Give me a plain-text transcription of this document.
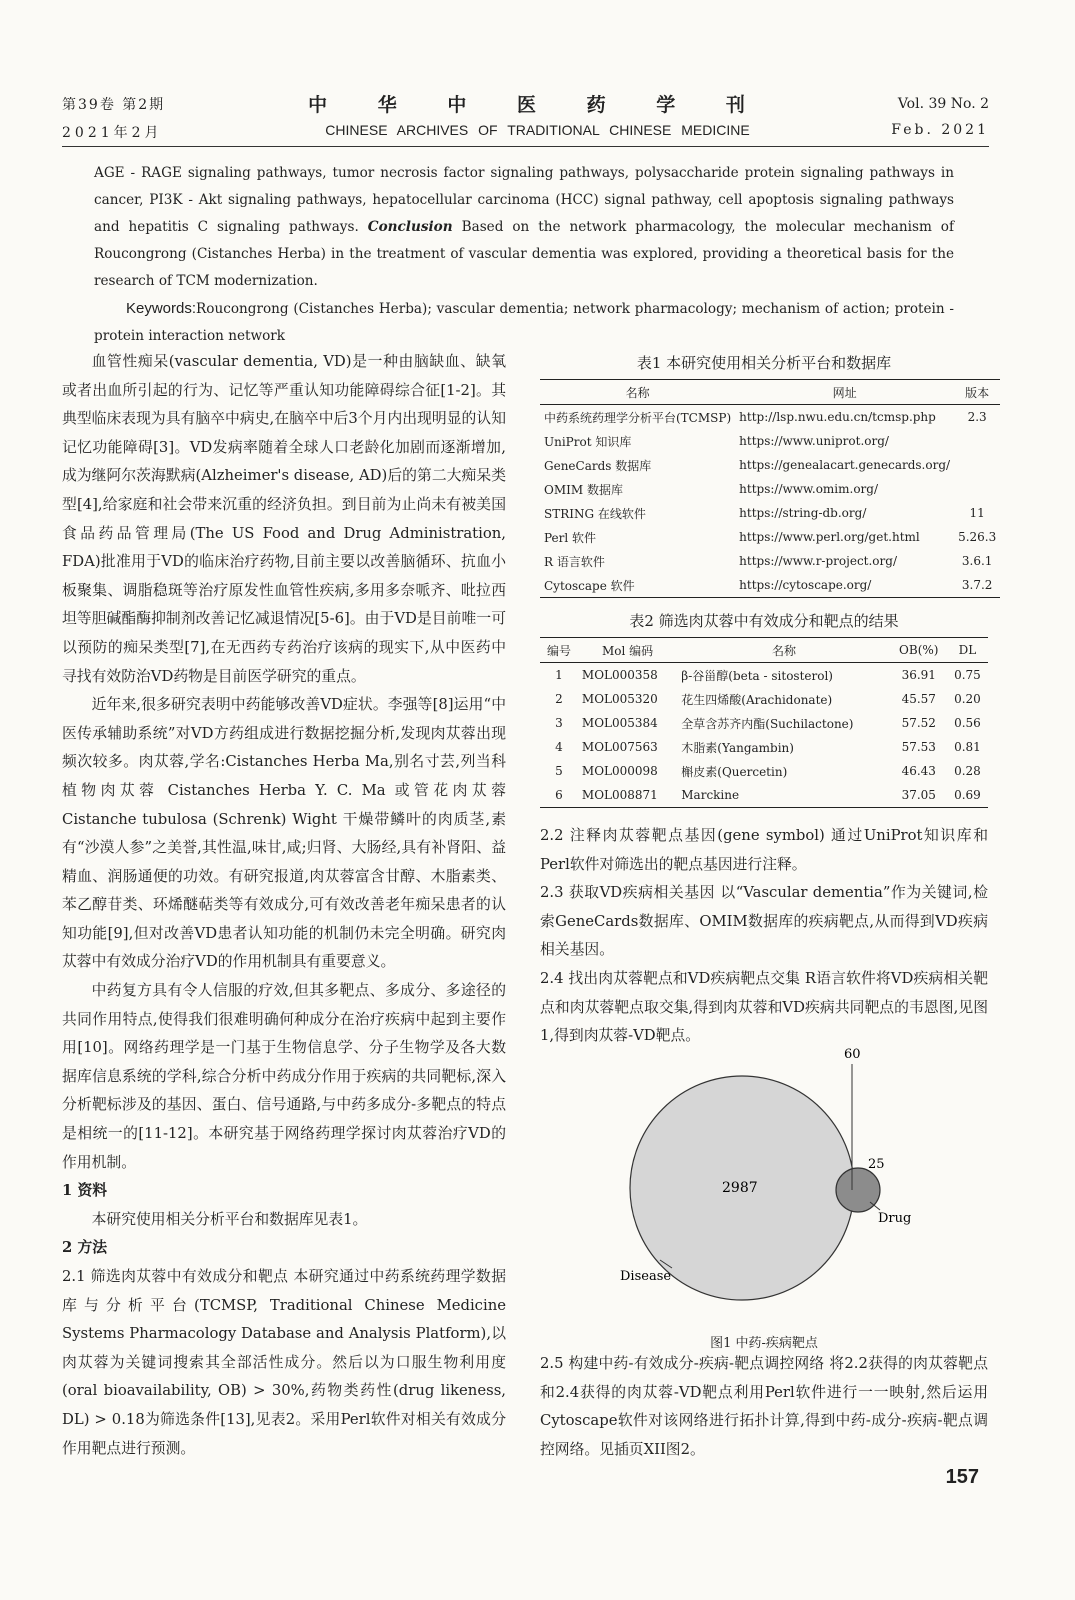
第39卷 第2期
2021年2月
中 华 中 医 药 学 刊
CHINESE ARCHIVES OF TRADITIONAL CHINESE MEDICINE
Vol. 39 No. 2
Feb. 2021

AGE - RAGE signaling pathways, tumor necrosis factor signaling pathways, polysaccharide protein signaling pathways in cancer, PI3K - Akt signaling pathways, hepatocellular carcinoma (HCC) signal pathway, cell apoptosis signaling pathways and hepatitis C signaling pathways. Conclusion Based on the network pharmacology, the molecular mechanism of Roucongrong (Cistanches Herba) in the treatment of vascular dementia was explored, providing a theoretical basis for the research of TCM modernization.

Keywords:Roucongrong (Cistanches Herba); vascular dementia; network pharmacology; mechanism of action; protein - protein interaction network

血管性痴呆(vascular dementia, VD)是一种由脑缺血、缺氧或者出血所引起的行为、记忆等严重认知功能障碍综合征[1-2]。其典型临床表现为具有脑卒中病史,在脑卒中后3个月内出现明显的认知记忆功能障碍[3]。VD发病率随着全球人口老龄化加剧而逐渐增加,成为继阿尔茨海默病(Alzheimer's disease, AD)后的第二大痴呆类型[4],给家庭和社会带来沉重的经济负担。到目前为止尚未有被美国食品药品管理局(The US Food and Drug Administration, FDA)批准用于VD的临床治疗药物,目前主要以改善脑循环、抗血小板聚集、调脂稳斑等治疗原发性血管性疾病,多用多奈哌齐、吡拉西坦等胆碱酯酶抑制剂改善记忆减退情况[5-6]。由于VD是目前唯一可以预防的痴呆类型[7],在无西药专药治疗该病的现实下,从中医药中寻找有效防治VD药物是目前医学研究的重点。

近年来,很多研究表明中药能够改善VD症状。李强等[8]运用“中医传承辅助系统”对VD方药组成进行数据挖掘分析,发现肉苁蓉出现频次较多。肉苁蓉,学名:Cistanches Herba Ma,别名寸芸,列当科植物肉苁蓉 Cistanches Herba Y. C. Ma 或管花肉苁蓉 Cistanche tubulosa (Schrenk) Wight 干燥带鳞叶的肉质茎,素有“沙漠人参”之美誉,其性温,味甘,咸;归肾、大肠经,具有补肾阳、益精血、润肠通便的功效。有研究报道,肉苁蓉富含甘醇、木脂素类、苯乙醇苷类、环烯醚萜类等有效成分,可有效改善老年痴呆患者的认知功能[9],但对改善VD患者认知功能的机制仍未完全明确。研究肉苁蓉中有效成分治疗VD的作用机制具有重要意义。

中药复方具有令人信服的疗效,但其多靶点、多成分、多途径的共同作用特点,使得我们很难明确何种成分在治疗疾病中起到主要作用[10]。网络药理学是一门基于生物信息学、分子生物学及各大数据库信息系统的学科,综合分析中药成分作用于疾病的共同靶标,深入分析靶标涉及的基因、蛋白、信号通路,与中药多成分-多靶点的特点是相统一的[11-12]。本研究基于网络药理学探讨肉苁蓉治疗VD的作用机制。

1 资料

本研究使用相关分析平台和数据库见表1。

2 方法

2.1 筛选肉苁蓉中有效成分和靶点 本研究通过中药系统药理学数据库与分析平台(TCMSP, Traditional Chinese Medicine Systems Pharmacology Database and Analysis Platform),以肉苁蓉为关键词搜索其全部活性成分。然后以为口服生物利用度(oral bioavailability, OB) > 30%,药物类药性(drug likeness, DL) > 0.18为筛选条件[13],见表2。采用Perl软件对相关有效成分作用靶点进行预测。

表1 本研究使用相关分析平台和数据库
名称	网址	版本
中药系统药理学分析平台(TCMSP)	http://lsp.nwu.edu.cn/tcmsp.php	2.3
UniProt 知识库	https://www.uniprot.org/	
GeneCards 数据库	https://genealacart.genecards.org/	
OMIM 数据库	https://www.omim.org/	
STRING 在线软件	https://string-db.org/	11
Perl 软件	https://www.perl.org/get.html	5.26.3
R 语言软件	https://www.r-project.org/	3.6.1
Cytoscape 软件	https://cytoscape.org/	3.7.2
表2 筛选肉苁蓉中有效成分和靶点的结果
编号	Mol 编码	名称	OB(%)	DL
1	MOL000358	β-谷甾醇(beta - sitosterol)	36.91	0.75
2	MOL005320	花生四烯酸(Arachidonate)	45.57	0.20
3	MOL005384	全草含苏齐内酯(Suchilactone)	57.52	0.56
4	MOL007563	木脂素(Yangambin)	57.53	0.81
5	MOL000098	槲皮素(Quercetin)	46.43	0.28
6	MOL008871	Marckine	37.05	0.69

2.2 注释肉苁蓉靶点基因(gene symbol) 通过UniProt知识库和Perl软件对筛选出的靶点基因进行注释。

2.3 获取VD疾病相关基因 以“Vascular dementia”作为关键词,检索GeneCards数据库、OMIM数据库的疾病靶点,从而得到VD疾病相关基因。

2.4 找出肉苁蓉靶点和VD疾病靶点交集 R语言软件将VD疾病相关靶点和肉苁蓉靶点取交集,得到肉苁蓉和VD疾病共同靶点的韦恩图,见图1,得到肉苁蓉-VD靶点。

60
25
2987
Drug
Disease
图1 中药-疾病靶点

2.5 构建中药-有效成分-疾病-靶点调控网络 将2.2获得的肉苁蓉靶点和2.4获得的肉苁蓉-VD靶点利用Perl软件进行一一映射,然后运用Cytoscape软件对该网络进行拓扑计算,得到中药-成分-疾病-靶点调控网络。见插页XII图2。

157
